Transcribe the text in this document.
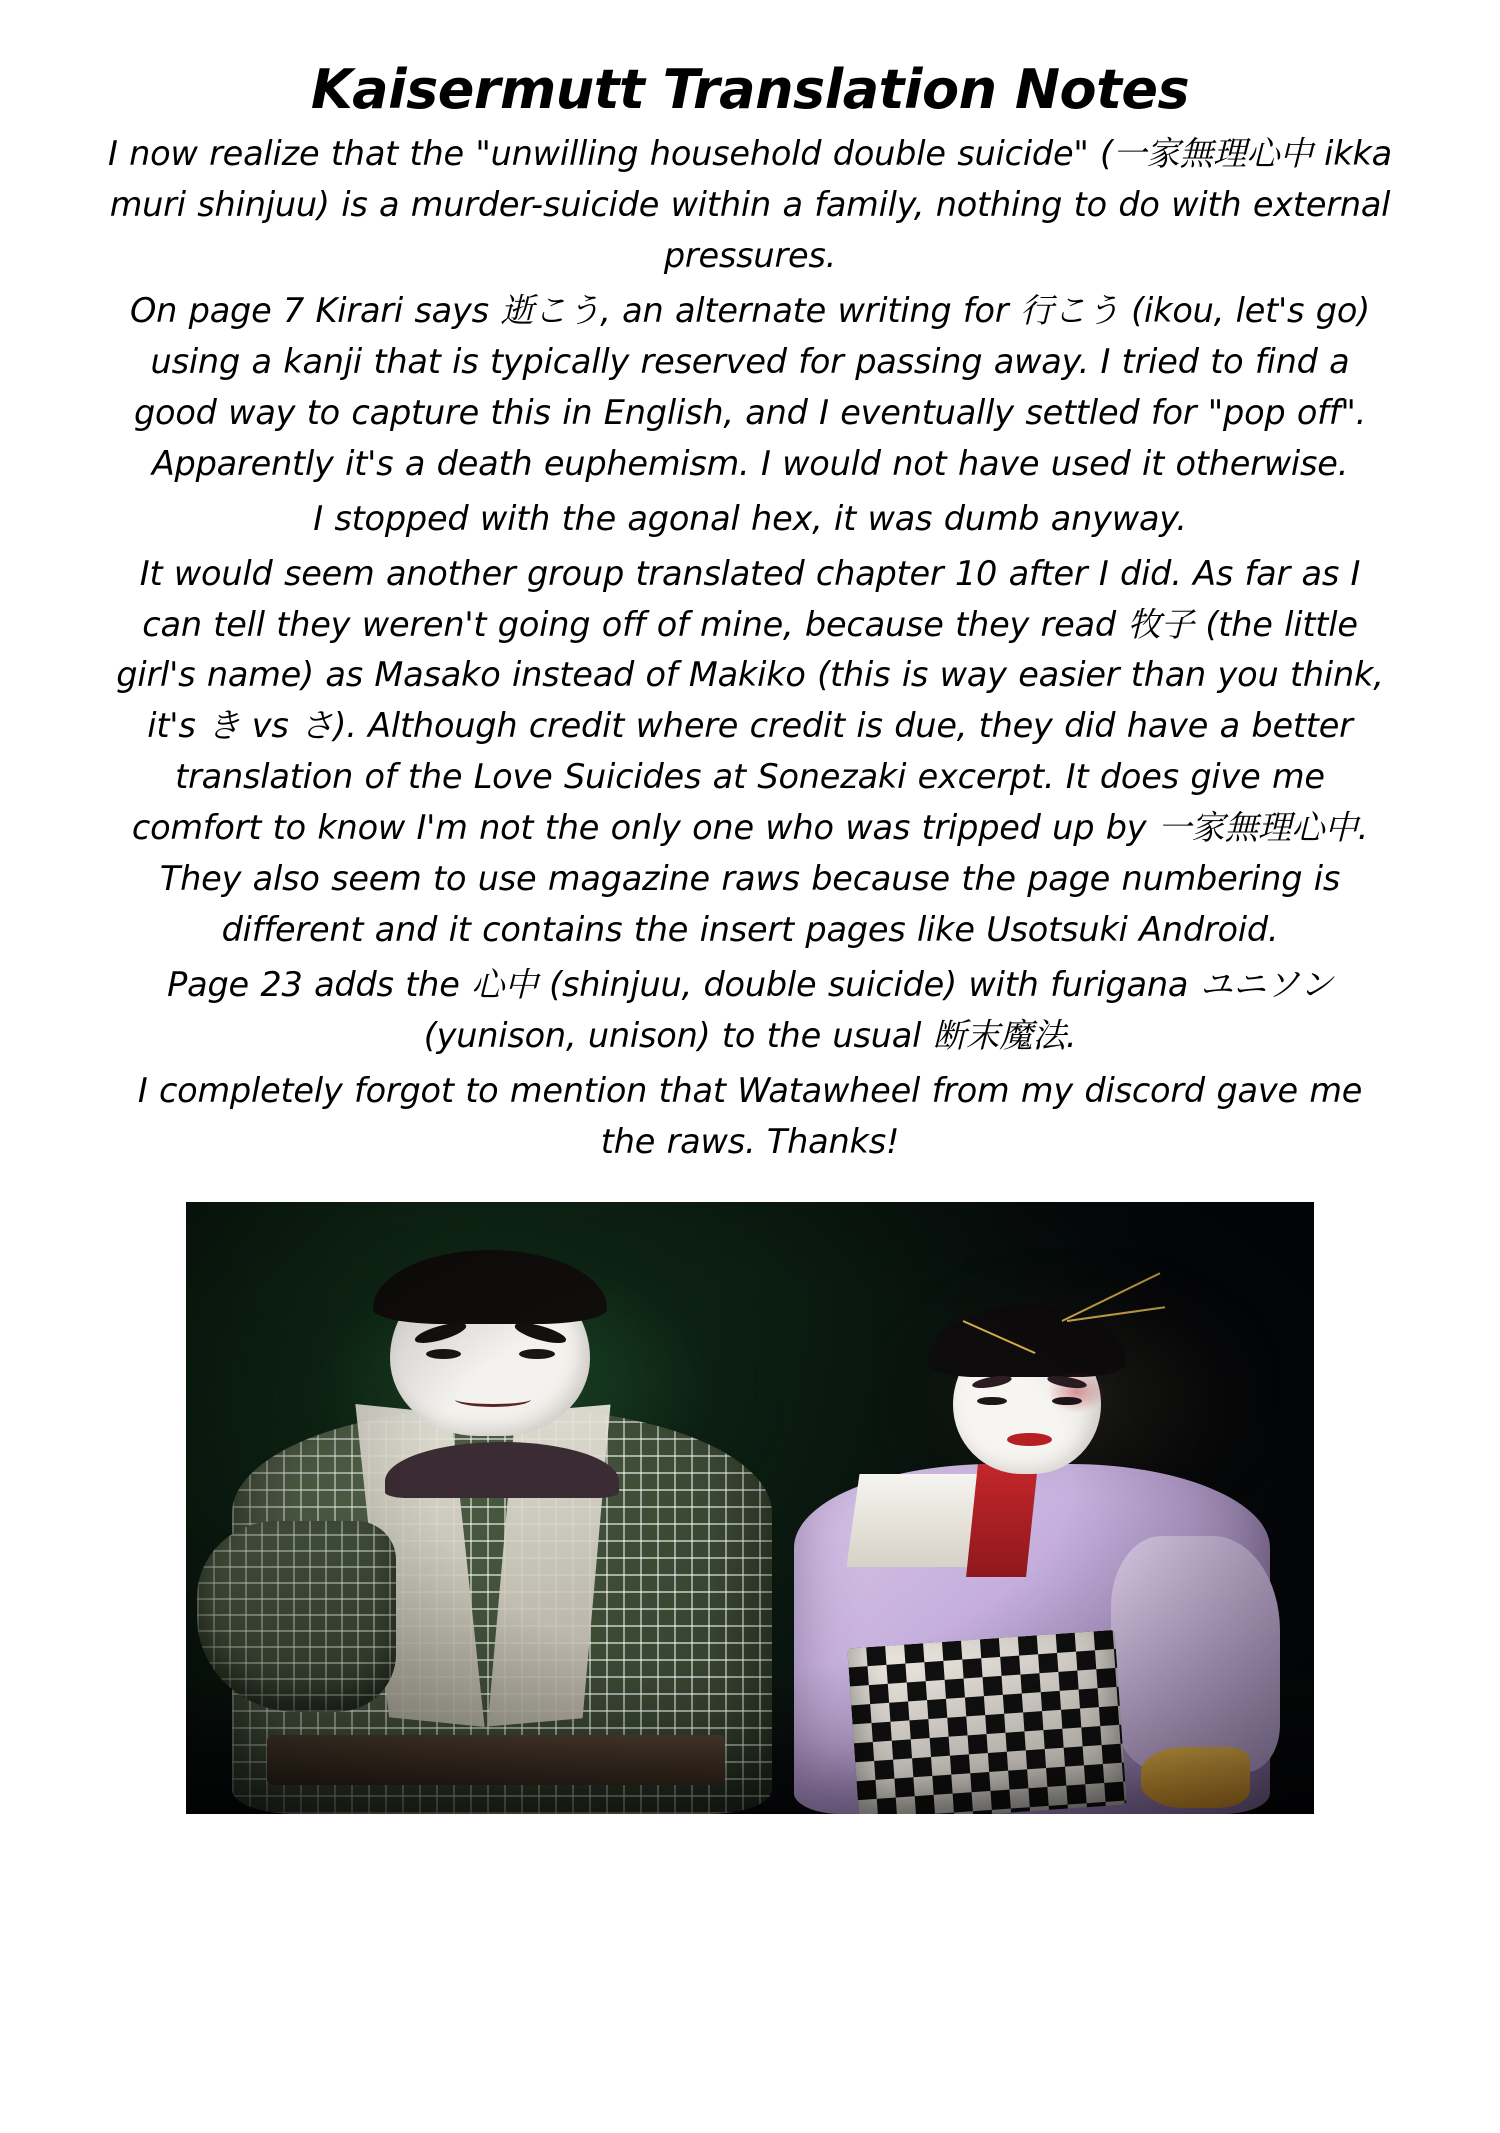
Kaisermutt Translation Notes

I now realize that the "unwilling household double suicide" (一家無理心中 ikka muri shinjuu) is a murder-suicide within a family, nothing to do with external pressures.

On page 7 Kirari says 逝こう, an alternate writing for 行こう (ikou, let's go) using a kanji that is typically reserved for passing away. I tried to find a good way to capture this in English, and I eventually settled for "pop off". Apparently it's a death euphemism. I would not have used it otherwise.

I stopped with the agonal hex, it was dumb anyway.

It would seem another group translated chapter 10 after I did. As far as I can tell they weren't going off of mine, because they read 牧子 (the little girl's name) as Masako instead of Makiko (this is way easier than you think, it's き vs さ). Although credit where credit is due, they did have a better translation of the Love Suicides at Sonezaki excerpt. It does give me comfort to know I'm not the only one who was tripped up by 一家無理心中. They also seem to use magazine raws because the page numbering is different and it contains the insert pages like Usotsuki Android.

Page 23 adds the 心中 (shinjuu, double suicide) with furigana ユニソン (yunison, unison) to the usual 断末魔法.

I completely forgot to mention that Watawheel from my discord gave me the raws. Thanks!
